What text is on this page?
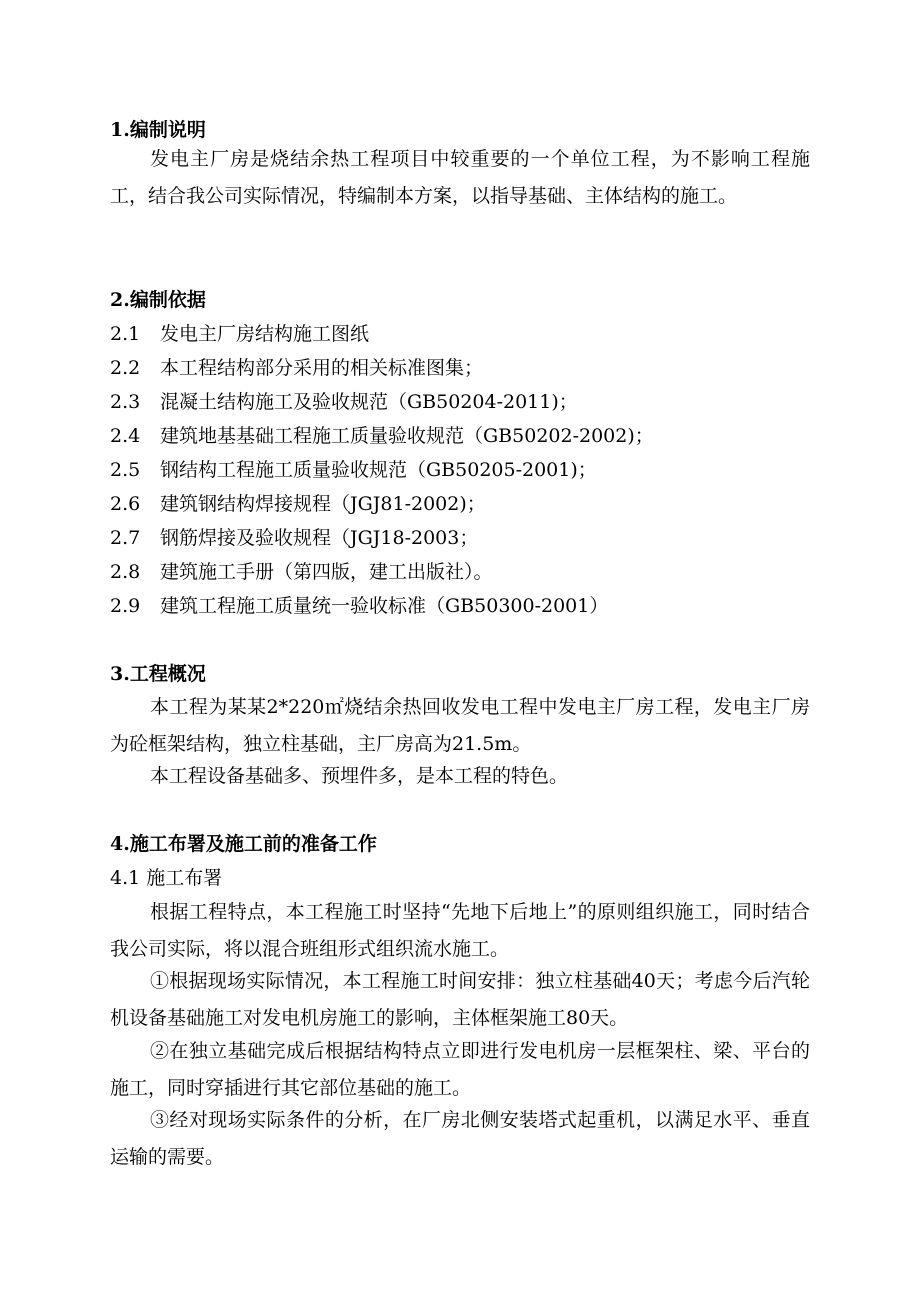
1.编制说明
发电主厂房是烧结余热工程项目中较重要的一个单位工程，为不影响工程施工，结合我公司实际情况，特编制本方案，以指导基础、主体结构的施工。
2.编制依据
2.1 发电主厂房结构施工图纸
2.2 本工程结构部分采用的相关标准图集；
2.3 混凝土结构施工及验收规范（GB50204-2011)；
2.4 建筑地基基础工程施工质量验收规范（GB50202-2002)；
2.5 钢结构工程施工质量验收规范（GB50205-2001)；
2.6 建筑钢结构焊接规程（JGJ81-2002)；
2.7 钢筋焊接及验收规程（JGJ18-2003；
2.8 建筑施工手册（第四版，建工出版社）。
2.9 建筑工程施工质量统一验收标准（GB50300-2001）
3.工程概况
本工程为某某2*220㎡烧结余热回收发电工程中发电主厂房工程，发电主厂房为砼框架结构，独立柱基础，主厂房高为21.5m。
本工程设备基础多、预埋件多，是本工程的特色。
4.施工布署及施工前的准备工作
4.1 施工布署
根据工程特点，本工程施工时坚持“先地下后地上”的原则组织施工，同时结合我公司实际，将以混合班组形式组织流水施工。
①根据现场实际情况，本工程施工时间安排：独立柱基础40天；考虑今后汽轮机设备基础施工对发电机房施工的影响，主体框架施工80天。
②在独立基础完成后根据结构特点立即进行发电机房一层框架柱、梁、平台的施工，同时穿插进行其它部位基础的施工。
③经对现场实际条件的分析，在厂房北侧安装塔式起重机，以满足水平、垂直运输的需要。
